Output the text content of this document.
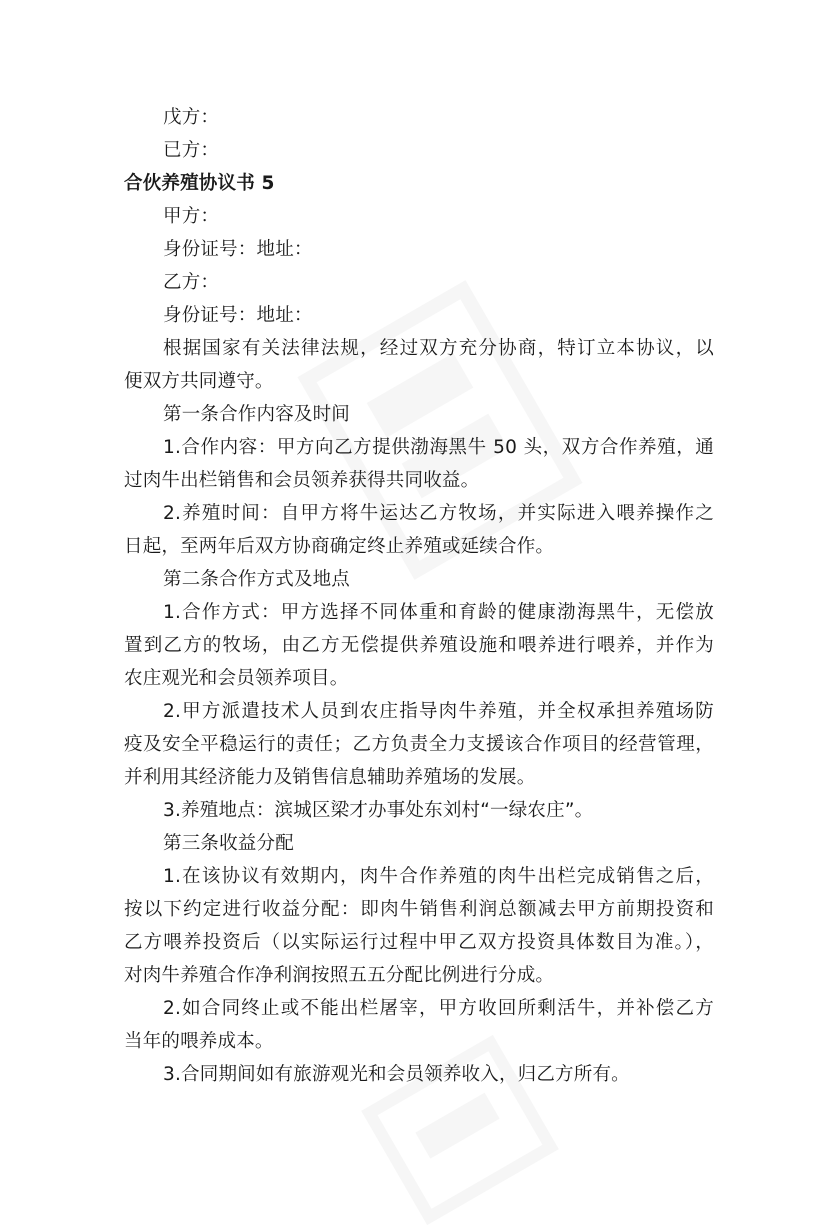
戊方：
已方：
合伙养殖协议书 5
甲方：
身份证号：地址：
乙方：
身份证号：地址：
根据国家有关法律法规，经过双方充分协商，特订立本协议，以
便双方共同遵守。
第一条合作内容及时间
1.合作内容：甲方向乙方提供渤海黑牛 50 头，双方合作养殖，通
过肉牛出栏销售和会员领养获得共同收益。
2.养殖时间：自甲方将牛运达乙方牧场，并实际进入喂养操作之
日起，至两年后双方协商确定终止养殖或延续合作。
第二条合作方式及地点
1.合作方式：甲方选择不同体重和育龄的健康渤海黑牛，无偿放
置到乙方的牧场，由乙方无偿提供养殖设施和喂养进行喂养，并作为
农庄观光和会员领养项目。
2.甲方派遣技术人员到农庄指导肉牛养殖，并全权承担养殖场防
疫及安全平稳运行的责任；乙方负责全力支援该合作项目的经营管理，
并利用其经济能力及销售信息辅助养殖场的发展。
3.养殖地点：滨城区梁才办事处东刘村“一绿农庄”。
第三条收益分配
1.在该协议有效期内，肉牛合作养殖的肉牛出栏完成销售之后，
按以下约定进行收益分配：即肉牛销售利润总额减去甲方前期投资和
乙方喂养投资后（以实际运行过程中甲乙双方投资具体数目为准。），
对肉牛养殖合作净利润按照五五分配比例进行分成。
2.如合同终止或不能出栏屠宰，甲方收回所剩活牛，并补偿乙方
当年的喂养成本。
3.合同期间如有旅游观光和会员领养收入，归乙方所有。
